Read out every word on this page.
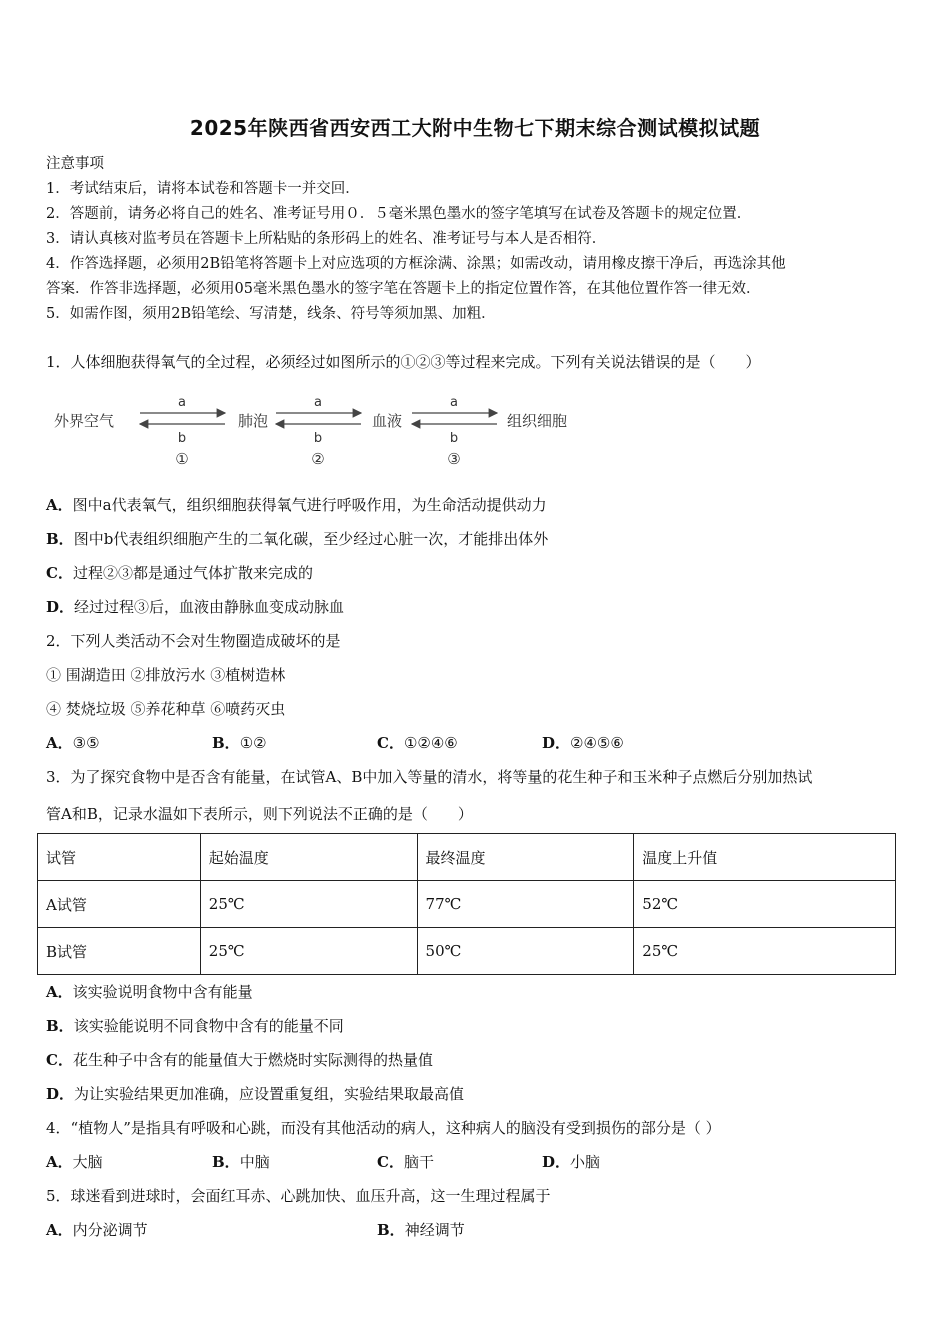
2025年陕西省西安西工大附中生物七下期末综合测试模拟试题
注意事项
1．考试结束后，请将本试卷和答题卡一并交回．
2．答题前，请务必将自己的姓名、准考证号用０．５毫米黑色墨水的签字笔填写在试卷及答题卡的规定位置．
3．请认真核对监考员在答题卡上所粘贴的条形码上的姓名、准考证号与本人是否相符．
4．作答选择题，必须用2B铅笔将答题卡上对应选项的方框涂满、涂黑；如需改动，请用橡皮擦干净后，再选涂其他
答案．作答非选择题，必须用05毫米黑色墨水的签字笔在答题卡上的指定位置作答，在其他位置作答一律无效．
5．如需作图，须用2B铅笔绘、写清楚，线条、符号等须加黑、加粗．
1．人体细胞获得氧气的全过程，必须经过如图所示的①②③等过程来完成。下列有关说法错误的是（　　）
外界空气	肺泡	血液	组织细胞
a	a	a
b	b	b
①	②	③
A．图中a代表氧气，组织细胞获得氧气进行呼吸作用，为生命活动提供动力
B．图中b代表组织细胞产生的二氧化碳，至少经过心脏一次，才能排出体外
C．过程②③都是通过气体扩散来完成的
D．经过过程③后，血液由静脉血变成动脉血
2．下列人类活动不会对生物圈造成破坏的是
① 围湖造田 ②排放污水 ③植树造林
④ 焚烧垃圾 ⑤养花种草 ⑥喷药灭虫
A．③⑤	B．①②	C．①②④⑥	D．②④⑤⑥
3．为了探究食物中是否含有能量，在试管A、B中加入等量的清水，将等量的花生种子和玉米种子点燃后分别加热试
管A和B，记录水温如下表所示，则下列说法不正确的是（　　）
试管	起始温度	最终温度	温度上升值
A试管	25℃	77℃	52℃
B试管	25℃	50℃	25℃
A．该实验说明食物中含有能量
B．该实验能说明不同食物中含有的能量不同
C．花生种子中含有的能量值大于燃烧时实际测得的热量值
D．为让实验结果更加准确，应设置重复组，实验结果取最高值
4．“植物人”是指具有呼吸和心跳，而没有其他活动的病人，这种病人的脑没有受到损伤的部分是（ ）
A．大脑	B．中脑	C．脑干	D．小脑
5．球迷看到进球时，会面红耳赤、心跳加快、血压升高，这一生理过程属于
A．内分泌调节	B．神经调节
